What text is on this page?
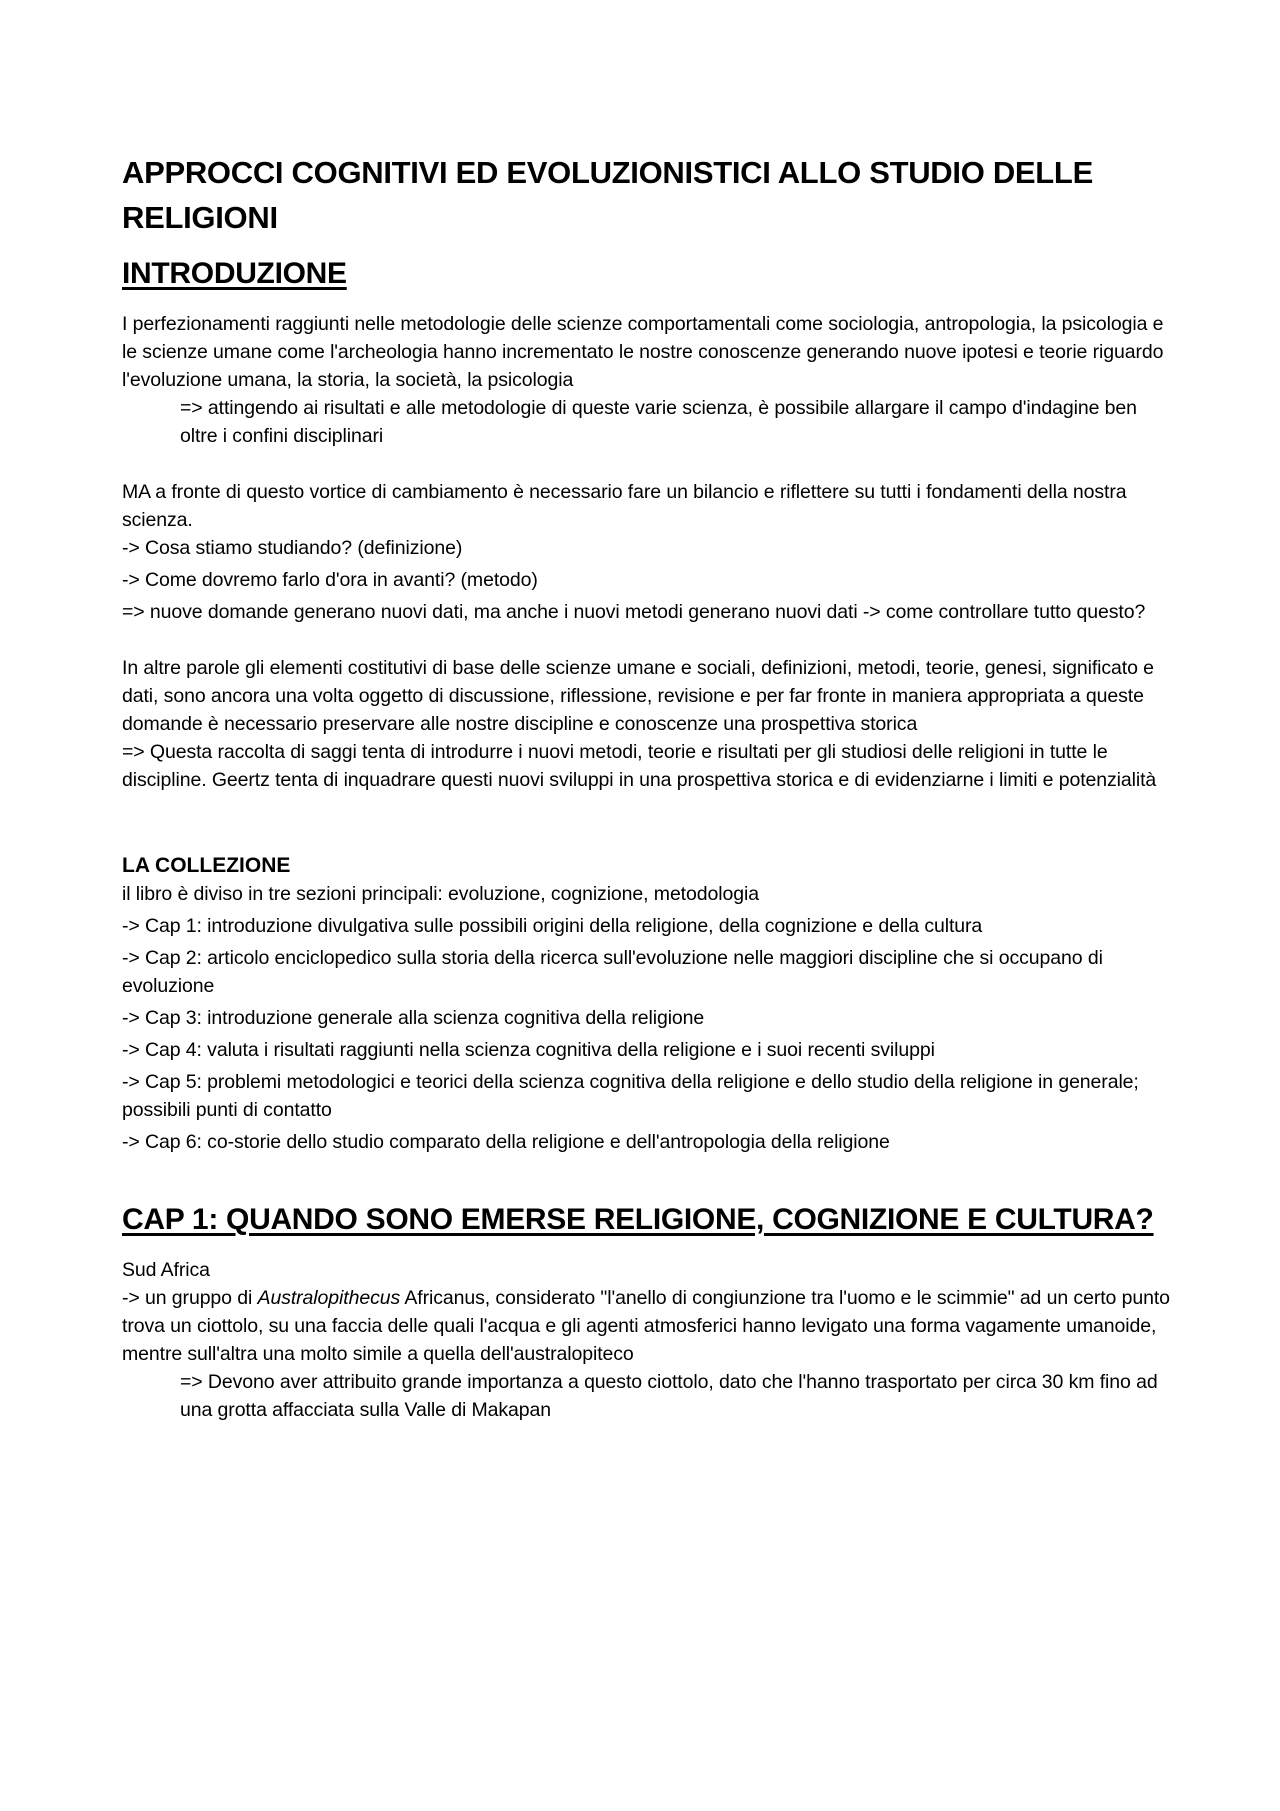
APPROCCI COGNITIVI ED EVOLUZIONISTICI ALLO STUDIO DELLE RELIGIONI
INTRODUZIONE

I perfezionamenti raggiunti nelle metodologie delle scienze comportamentali come sociologia, antropologia, la psicologia e le scienze umane come l'archeologia hanno incrementato le nostre conoscenze generando nuove ipotesi e teorie riguardo l'evoluzione umana, la storia, la società, la psicologia

=> attingendo ai risultati e alle metodologie di queste varie scienza, è possibile allargare il campo d'indagine ben oltre i confini disciplinari

MA a fronte di questo vortice di cambiamento è necessario fare un bilancio e riflettere su tutti i fondamenti della nostra scienza.

-> Cosa stiamo studiando? (definizione)

-> Come dovremo farlo d'ora in avanti? (metodo)

=> nuove domande generano nuovi dati, ma anche i nuovi metodi generano nuovi dati -> come controllare tutto questo?

In altre parole gli elementi costitutivi di base delle scienze umane e sociali, definizioni, metodi, teorie, genesi, significato e dati, sono ancora una volta oggetto di discussione, riflessione, revisione e per far fronte in maniera appropriata a queste domande è necessario preservare alle nostre discipline e conoscenze una prospettiva storica

=> Questa raccolta di saggi tenta di introdurre i nuovi metodi, teorie e risultati per gli studiosi delle religioni in tutte le discipline. Geertz tenta di inquadrare questi nuovi sviluppi in una prospettiva storica e di evidenziarne i limiti e potenzialità

LA COLLEZIONE

il libro è diviso in tre sezioni principali: evoluzione, cognizione, metodologia

-> Cap 1: introduzione divulgativa sulle possibili origini della religione, della cognizione e della cultura

-> Cap 2: articolo enciclopedico sulla storia della ricerca sull'evoluzione nelle maggiori discipline che si occupano di evoluzione

-> Cap 3: introduzione generale alla scienza cognitiva della religione

-> Cap 4: valuta i risultati raggiunti nella scienza cognitiva della religione e i suoi recenti sviluppi

-> Cap 5: problemi metodologici e teorici della scienza cognitiva della religione e dello studio della religione in generale; possibili punti di contatto

-> Cap 6: co-storie dello studio comparato della religione e dell'antropologia della religione

CAP 1: QUANDO SONO EMERSE RELIGIONE, COGNIZIONE E CULTURA?

Sud Africa

-> un gruppo di Australopithecus Africanus, considerato "l'anello di congiunzione tra l'uomo e le scimmie" ad un certo punto trova un ciottolo, su una faccia delle quali l'acqua e gli agenti atmosferici hanno levigato una forma vagamente umanoide, mentre sull'altra una molto simile a quella dell'australopiteco

=> Devono aver attribuito grande importanza a questo ciottolo, dato che l'hanno trasportato per circa 30 km fino ad una grotta affacciata sulla Valle di Makapan
